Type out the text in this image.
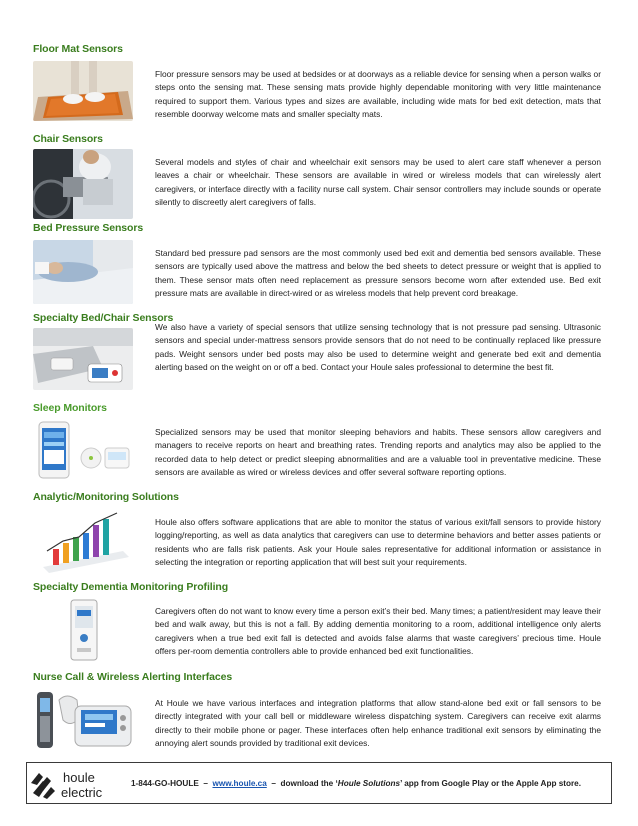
Floor Mat Sensors

Floor pressure sensors may be used at bedsides or at doorways as a reliable device for sensing when a person walks or steps onto the sensing mat. These sensing mats provide highly dependable monitoring with very little maintenance required to support them. Various types and sizes are available, including wide mats for bed exit detection, mats that resemble doorway welcome mats and smaller specialty mats.

Chair Sensors

Several models and styles of chair and wheelchair exit sensors may be used to alert care staff whenever a person leaves a chair or wheelchair. These sensors are available in wired or wireless models that can wirelessly alert caregivers, or interface directly with a facility nurse call system. Chair sensor controllers may include sounds or operate silently to discreetly alert caregivers of falls.

Bed Pressure Sensors

Standard bed pressure pad sensors are the most commonly used bed exit and dementia bed sensors available. These sensors are typically used above the mattress and below the bed sheets to detect pressure or weight that is applied to them. These sensor mats often need replacement as pressure sensors become worn after extended use. Bed exit pressure mats are available in direct-wired or as wireless models that help prevent cord breakage.

Specialty Bed/Chair Sensors

We also have a variety of special sensors that utilize sensing technology that is not pressure pad sensing. Ultrasonic sensors and special under-mattress sensors provide sensors that do not need to be continually replaced like pressure pads. Weight sensors under bed posts may also be used to determine weight and generate bed exit and dementia alerting based on the weight on or off a bed. Contact your Houle sales professional to determine the best fit.

Sleep Monitors

Specialized sensors may be used that monitor sleeping behaviors and habits. These sensors allow caregivers and managers to receive reports on heart and breathing rates. Trending reports and analytics may also be applied to the recorded data to help detect or predict sleeping abnormalities and are a valuable tool in preventative medicine. These sensors are available as wired or wireless devices and offer several software reporting options.

Analytic/Monitoring Solutions

Houle also offers software applications that are able to monitor the status of various exit/fall sensors to provide history logging/reporting, as well as data analytics that caregivers can use to determine behaviors and better asses patients or residents who are falls risk patients. Ask your Houle sales representative for additional information or assistance in selecting the integration or reporting application that will best suit your requirements.

Specialty Dementia Monitoring Profiling

Caregivers often do not want to know every time a person exit’s their bed. Many times; a patient/resident may leave their bed and walk away, but this is not a fall. By adding dementia monitoring to a room, additional intelligence only alerts caregivers when a true bed exit fall is detected and avoids false alarms that waste caregivers’ precious time. Houle offers per-room dementia controllers able to provide enhanced bed exit functionalities.

Nurse Call & Wireless Alerting Interfaces

At Houle we have various interfaces and integration platforms that allow stand-alone bed exit or fall sensors to be directly integrated with your call bell or middleware wireless dispatching system. Caregivers can receive exit alarms directly to their mobile phone or pager. These interfaces often help enhance traditional exit sensors by eliminating the annoying alert sounds provided by traditional exit devices.

houle
electric
1-844-GO-HOULE – www.houle.ca – download the ‘Houle Solutions’ app from Google Play or the Apple App store.
